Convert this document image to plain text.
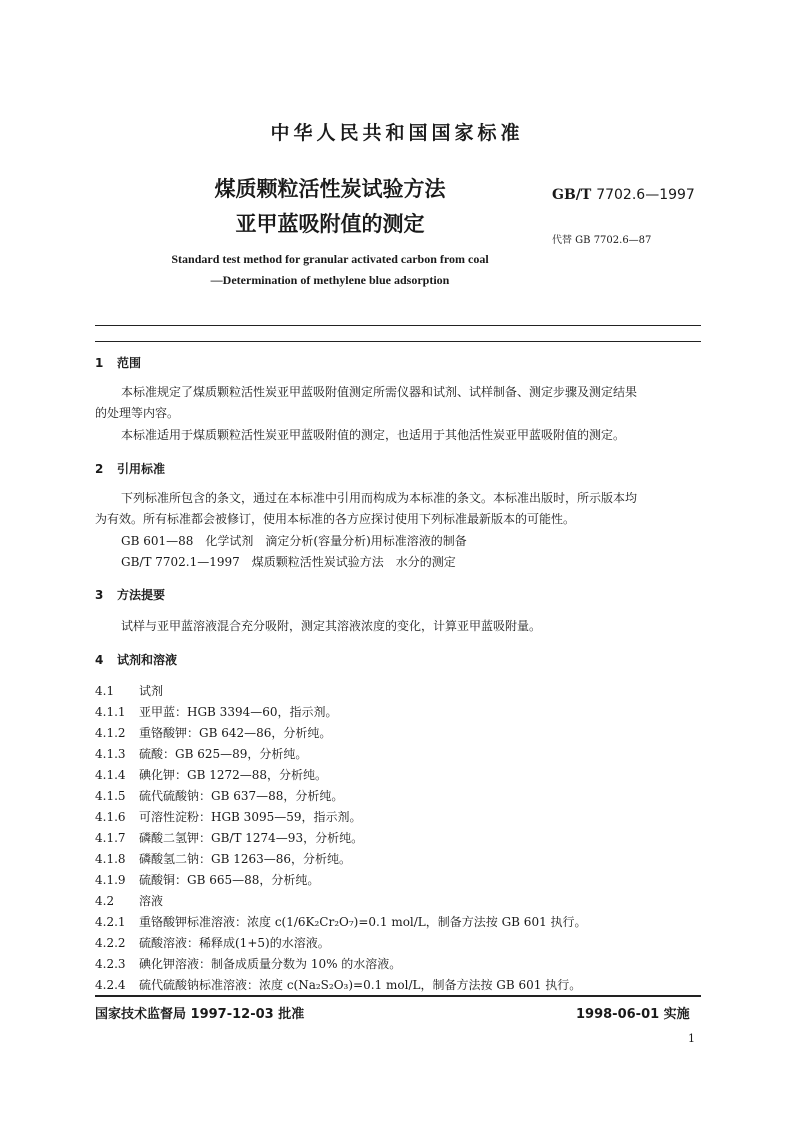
中华人民共和国国家标准
煤质颗粒活性炭试验方法
亚甲蓝吸附值的测定
GB/T 7702.6—1997
代替 GB 7702.6—87
Standard test method for granular activated carbon from coal
—Determination of methylene blue adsorption
1 范围
本标准规定了煤质颗粒活性炭亚甲蓝吸附值测定所需仪器和试剂、试样制备、测定步骤及测定结果
的处理等内容。
本标准适用于煤质颗粒活性炭亚甲蓝吸附值的测定，也适用于其他活性炭亚甲蓝吸附值的测定。
2 引用标准
下列标准所包含的条文，通过在本标准中引用而构成为本标准的条文。本标准出版时，所示版本均
为有效。所有标准都会被修订，使用本标准的各方应探讨使用下列标准最新版本的可能性。
GB 601—88　化学试剂　滴定分析(容量分析)用标准溶液的制备
GB/T 7702.1—1997　煤质颗粒活性炭试验方法　水分的测定
3 方法提要
试样与亚甲蓝溶液混合充分吸附，测定其溶液浓度的变化，计算亚甲蓝吸附量。
4 试剂和溶液
4.1 试剂
4.1.1 亚甲蓝：HGB 3394—60，指示剂。
4.1.2 重铬酸钾：GB 642—86，分析纯。
4.1.3 硫酸：GB 625—89，分析纯。
4.1.4 碘化钾：GB 1272—88，分析纯。
4.1.5 硫代硫酸钠：GB 637—88，分析纯。
4.1.6 可溶性淀粉：HGB 3095—59，指示剂。
4.1.7 磷酸二氢钾：GB/T 1274—93，分析纯。
4.1.8 磷酸氢二钠：GB 1263—86，分析纯。
4.1.9 硫酸铜：GB 665—88，分析纯。
4.2 溶液
4.2.1 重铬酸钾标准溶液：浓度 c(1/6K₂Cr₂O₇)=0.1 mol/L，制备方法按 GB 601 执行。
4.2.2 硫酸溶液：稀释成(1+5)的水溶液。
4.2.3 碘化钾溶液：制备成质量分数为 10% 的水溶液。
4.2.4 硫代硫酸钠标准溶液：浓度 c(Na₂S₂O₃)=0.1 mol/L，制备方法按 GB 601 执行。
国家技术监督局 1997-12-03 批准	1998-06-01 实施
1
